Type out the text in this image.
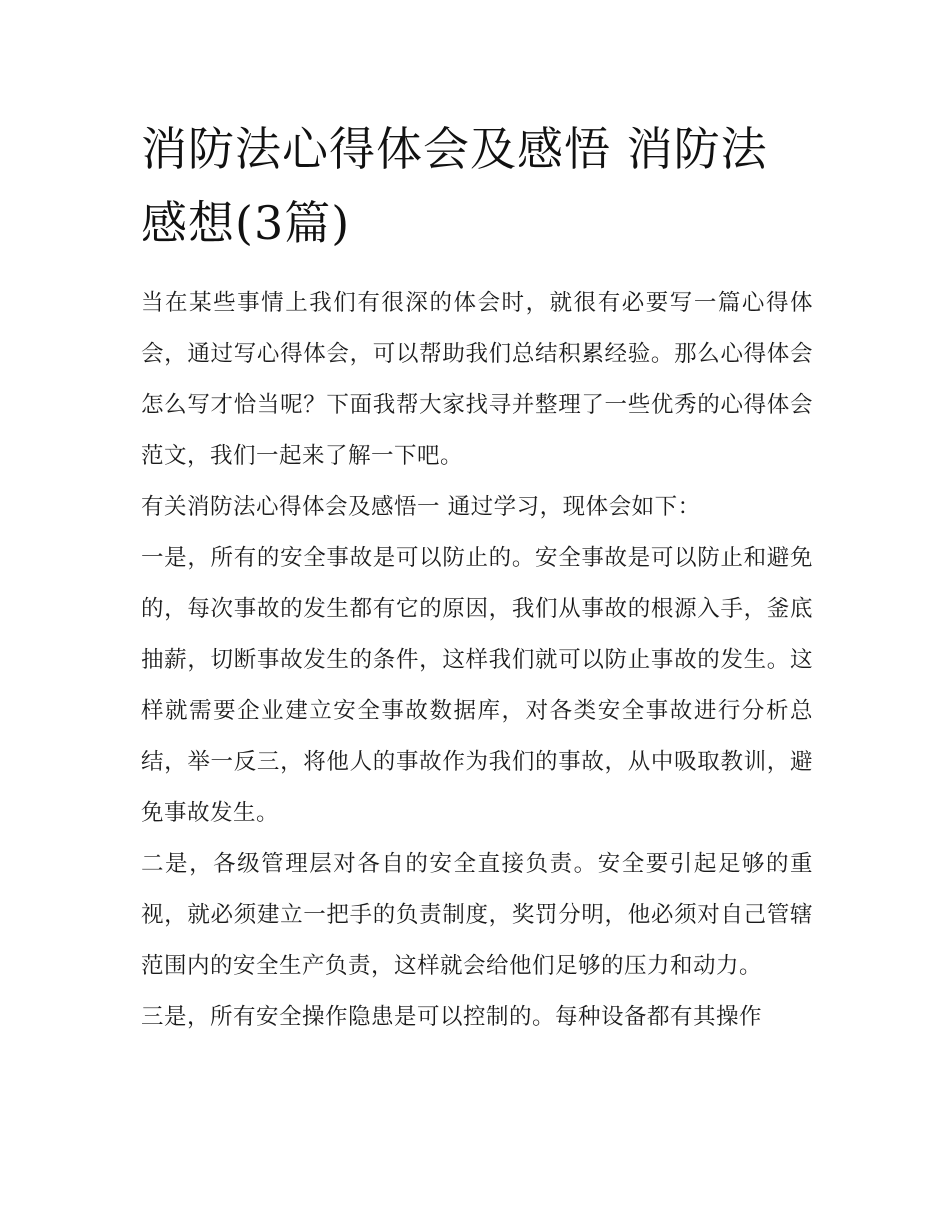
消防法心得体会及感悟 消防法感想(3篇)

当在某些事情上我们有很深的体会时，就很有必要写一篇心得体会，通过写心得体会，可以帮助我们总结积累经验。那么心得体会怎么写才恰当呢？下面我帮大家找寻并整理了一些优秀的心得体会范文，我们一起来了解一下吧。

有关消防法心得体会及感悟一 通过学习，现体会如下：

一是，所有的安全事故是可以防止的。安全事故是可以防止和避免的，每次事故的发生都有它的原因，我们从事故的根源入手，釜底抽薪，切断事故发生的条件，这样我们就可以防止事故的发生。这样就需要企业建立安全事故数据库，对各类安全事故进行分析总结，举一反三，将他人的事故作为我们的事故，从中吸取教训，避免事故发生。

二是，各级管理层对各自的安全直接负责。安全要引起足够的重视，就必须建立一把手的负责制度，奖罚分明，他必须对自己管辖范围内的安全生产负责，这样就会给他们足够的压力和动力。

三是，所有安全操作隐患是可以控制的。每种设备都有其操作
